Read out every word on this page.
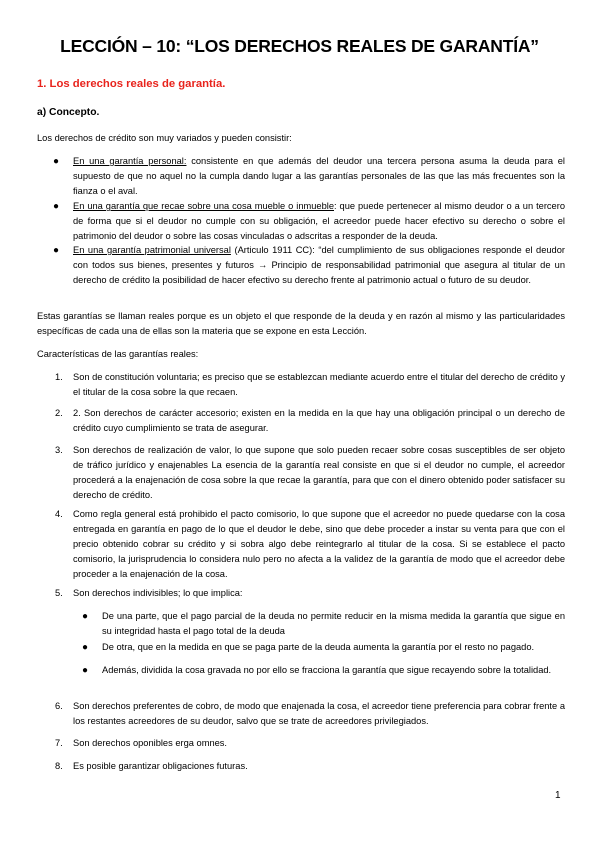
LECCIÓN – 10: “LOS DERECHOS REALES DE GARANTÍA”
1. Los derechos reales de garantía.
a) Concepto.
Los derechos de crédito son muy variados y pueden consistir:
● En una garantía personal: consistente en que además del deudor una tercera persona asuma la deuda para el supuesto de que no aquel no la cumpla dando lugar a las garantías personales de las que las más frecuentes son la fianza o el aval.
● En una garantía que recae sobre una cosa mueble o inmueble: que puede pertenecer al mismo deudor o a un tercero de forma que si el deudor no cumple con su obligación, el acreedor puede hacer efectivo su derecho o sobre el patrimonio del deudor o sobre las cosas vinculadas o adscritas a responder de la deuda.
● En una garantía patrimonial universal (Articulo 1911 CC): “del cumplimiento de sus obligaciones responde el deudor con todos sus bienes, presentes y futuros → Principio de responsabilidad patrimonial que asegura al titular de un derecho de crédito la posibilidad de hacer efectivo su derecho frente al patrimonio actual o futuro de su deudor.
Estas garantías se llaman reales porque es un objeto el que responde de la deuda y en razón al mismo y las particularidades específicas de cada una de ellas son la materia que se expone en esta Lección.
Características de las garantías reales:
1. Son de constitución voluntaria; es preciso que se establezcan mediante acuerdo entre el titular del derecho de crédito y el titular de la cosa sobre la que recaen.
2. 2. Son derechos de carácter accesorio; existen en la medida en la que hay una obligación principal o un derecho de crédito cuyo cumplimiento se trata de asegurar.
3. Son derechos de realización de valor, lo que supone que solo pueden recaer sobre cosas susceptibles de ser objeto de tráfico jurídico y enajenables La esencia de la garantía real consiste en que si el deudor no cumple, el acreedor procederá a la enajenación de cosa sobre la que recae la garantía, para que con el dinero obtenido poder satisfacer su derecho de crédito.
4. Como regla general está prohibido el pacto comisorio, lo que supone que el acreedor no puede quedarse con la cosa entregada en garantía en pago de lo que el deudor le debe, sino que debe proceder a instar su venta para que con el precio obtenido cobrar su crédito y si sobra algo debe reintegrarlo al titular de la cosa. Si se establece el pacto comisorio, la jurisprudencia lo considera nulo pero no afecta a la validez de la garantía de modo que el acreedor debe proceder a la enajenación de la cosa.
5. Son derechos indivisibles; lo que implica:
● De una parte, que el pago parcial de la deuda no permite reducir en la misma medida la garantía que sigue en su integridad hasta el pago total de la deuda
● De otra, que en la medida en que se paga parte de la deuda aumenta la garantía por el resto no pagado.
● Además, dividida la cosa gravada no por ello se fracciona la garantía que sigue recayendo sobre la totalidad.
6. Son derechos preferentes de cobro, de modo que enajenada la cosa, el acreedor tiene preferencia para cobrar frente a los restantes acreedores de su deudor, salvo que se trate de acreedores privilegiados.
7. Son derechos oponibles erga omnes.
8. Es posible garantizar obligaciones futuras.
1
